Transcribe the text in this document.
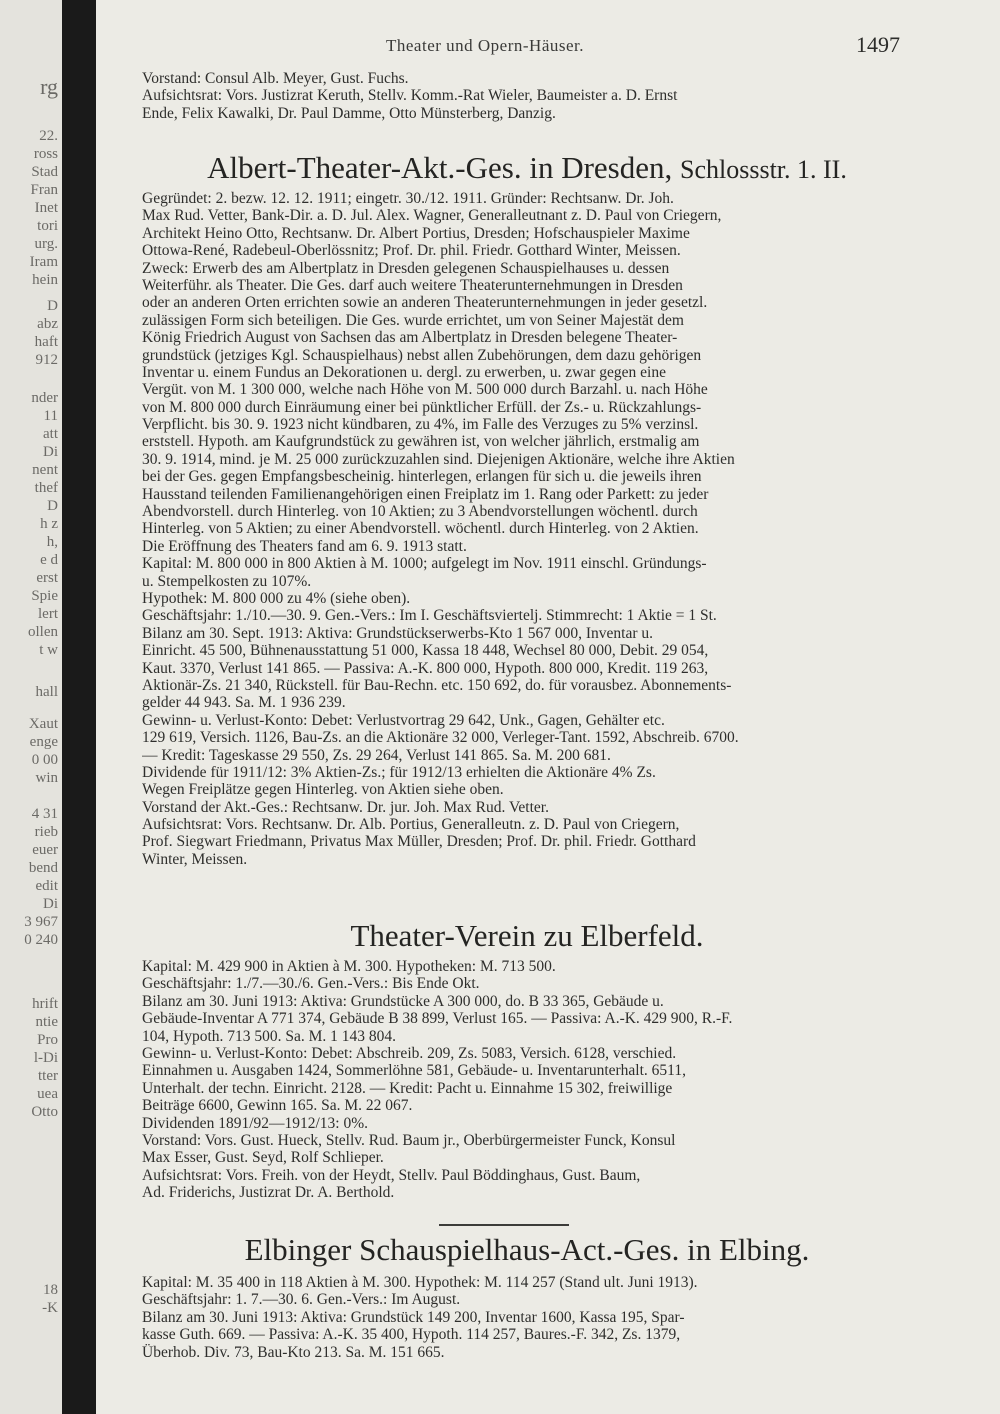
rg
22.
ross
Stad
Fran
Inet
tori
urg.
Iram
hein
D
abz
haft
912
nder
11
att
Di
nent
thef
D
h z
h,
e d
erst
Spie
lert
ollen
t w
hall
Xaut
enge
0 00
win
4 31
rieb
euer
bend
edit
Di
3 967
0 240
hrift
ntie
Pro
l-Di
tter
uea
Otto
18
-K
Theater und Opern-Häuser.	1497
Vorstand: Consul Alb. Meyer, Gust. Fuchs.
Aufsichtsrat: Vors. Justizrat Keruth, Stellv. Komm.-Rat Wieler, Baumeister a. D. Ernst
Ende, Felix Kawalki, Dr. Paul Damme, Otto Münsterberg, Danzig.
Albert-Theater-Akt.-Ges. in Dresden, Schlossstr. 1. II.
Gegründet: 2. bezw. 12. 12. 1911; eingetr. 30./12. 1911. Gründer: Rechtsanw. Dr. Joh.
Max Rud. Vetter, Bank-Dir. a. D. Jul. Alex. Wagner, Generalleutnant z. D. Paul von Criegern,
Architekt Heino Otto, Rechtsanw. Dr. Albert Portius, Dresden; Hofschauspieler Maxime
Ottowa-René, Radebeul-Oberlössnitz; Prof. Dr. phil. Friedr. Gotthard Winter, Meissen.
Zweck: Erwerb des am Albertplatz in Dresden gelegenen Schauspielhauses u. dessen
Weiterführ. als Theater. Die Ges. darf auch weitere Theaterunternehmungen in Dresden
oder an anderen Orten errichten sowie an anderen Theaterunternehmungen in jeder gesetzl.
zulässigen Form sich beteiligen. Die Ges. wurde errichtet, um von Seiner Majestät dem
König Friedrich August von Sachsen das am Albertplatz in Dresden belegene Theater-
grundstück (jetziges Kgl. Schauspielhaus) nebst allen Zubehörungen, dem dazu gehörigen
Inventar u. einem Fundus an Dekorationen u. dergl. zu erwerben, u. zwar gegen eine
Vergüt. von M. 1 300 000, welche nach Höhe von M. 500 000 durch Barzahl. u. nach Höhe
von M. 800 000 durch Einräumung einer bei pünktlicher Erfüll. der Zs.- u. Rückzahlungs-
Verpflicht. bis 30. 9. 1923 nicht kündbaren, zu 4%, im Falle des Verzuges zu 5% verzinsl.
erststell. Hypoth. am Kaufgrundstück zu gewähren ist, von welcher jährlich, erstmalig am
30. 9. 1914, mind. je M. 25 000 zurückzuzahlen sind. Diejenigen Aktionäre, welche ihre Aktien
bei der Ges. gegen Empfangsbescheinig. hinterlegen, erlangen für sich u. die jeweils ihren
Hausstand teilenden Familienangehörigen einen Freiplatz im 1. Rang oder Parkett: zu jeder
Abendvorstell. durch Hinterleg. von 10 Aktien; zu 3 Abendvorstellungen wöchentl. durch
Hinterleg. von 5 Aktien; zu einer Abendvorstell. wöchentl. durch Hinterleg. von 2 Aktien.
Die Eröffnung des Theaters fand am 6. 9. 1913 statt.
Kapital: M. 800 000 in 800 Aktien à M. 1000; aufgelegt im Nov. 1911 einschl. Gründungs-
u. Stempelkosten zu 107%.
Hypothek: M. 800 000 zu 4% (siehe oben).
Geschäftsjahr: 1./10.—30. 9. Gen.-Vers.: Im I. Geschäftsviertelj. Stimmrecht: 1 Aktie = 1 St.
Bilanz am 30. Sept. 1913: Aktiva: Grundstückserwerbs-Kto 1 567 000, Inventar u.
Einricht. 45 500, Bühnenausstattung 51 000, Kassa 18 448, Wechsel 80 000, Debit. 29 054,
Kaut. 3370, Verlust 141 865. — Passiva: A.-K. 800 000, Hypoth. 800 000, Kredit. 119 263,
Aktionär-Zs. 21 340, Rückstell. für Bau-Rechn. etc. 150 692, do. für vorausbez. Abonnements-
gelder 44 943. Sa. M. 1 936 239.
Gewinn- u. Verlust-Konto: Debet: Verlustvortrag 29 642, Unk., Gagen, Gehälter etc.
129 619, Versich. 1126, Bau-Zs. an die Aktionäre 32 000, Verleger-Tant. 1592, Abschreib. 6700.
— Kredit: Tageskasse 29 550, Zs. 29 264, Verlust 141 865. Sa. M. 200 681.
Dividende für 1911/12: 3% Aktien-Zs.; für 1912/13 erhielten die Aktionäre 4% Zs.
Wegen Freiplätze gegen Hinterleg. von Aktien siehe oben.
Vorstand der Akt.-Ges.: Rechtsanw. Dr. jur. Joh. Max Rud. Vetter.
Aufsichtsrat: Vors. Rechtsanw. Dr. Alb. Portius, Generalleutn. z. D. Paul von Criegern,
Prof. Siegwart Friedmann, Privatus Max Müller, Dresden; Prof. Dr. phil. Friedr. Gotthard
Winter, Meissen.
Theater-Verein zu Elberfeld.
Kapital: M. 429 900 in Aktien à M. 300. Hypotheken: M. 713 500.
Geschäftsjahr: 1./7.—30./6. Gen.-Vers.: Bis Ende Okt.
Bilanz am 30. Juni 1913: Aktiva: Grundstücke A 300 000, do. B 33 365, Gebäude u.
Gebäude-Inventar A 771 374, Gebäude B 38 899, Verlust 165. — Passiva: A.-K. 429 900, R.-F.
104, Hypoth. 713 500. Sa. M. 1 143 804.
Gewinn- u. Verlust-Konto: Debet: Abschreib. 209, Zs. 5083, Versich. 6128, verschied.
Einnahmen u. Ausgaben 1424, Sommerlöhne 581, Gebäude- u. Inventarunterhalt. 6511,
Unterhalt. der techn. Einricht. 2128. — Kredit: Pacht u. Einnahme 15 302, freiwillige
Beiträge 6600, Gewinn 165. Sa. M. 22 067.
Dividenden 1891/92—1912/13: 0%.
Vorstand: Vors. Gust. Hueck, Stellv. Rud. Baum jr., Oberbürgermeister Funck, Konsul
Max Esser, Gust. Seyd, Rolf Schlieper.
Aufsichtsrat: Vors. Freih. von der Heydt, Stellv. Paul Böddinghaus, Gust. Baum,
Ad. Friderichs, Justizrat Dr. A. Berthold.
Elbinger Schauspielhaus-Act.-Ges. in Elbing.
Kapital: M. 35 400 in 118 Aktien à M. 300. Hypothek: M. 114 257 (Stand ult. Juni 1913).
Geschäftsjahr: 1. 7.—30. 6. Gen.-Vers.: Im August.
Bilanz am 30. Juni 1913: Aktiva: Grundstück 149 200, Inventar 1600, Kassa 195, Spar-
kasse Guth. 669. — Passiva: A.-K. 35 400, Hypoth. 114 257, Baures.-F. 342, Zs. 1379,
Überhob. Div. 73, Bau-Kto 213. Sa. M. 151 665.
